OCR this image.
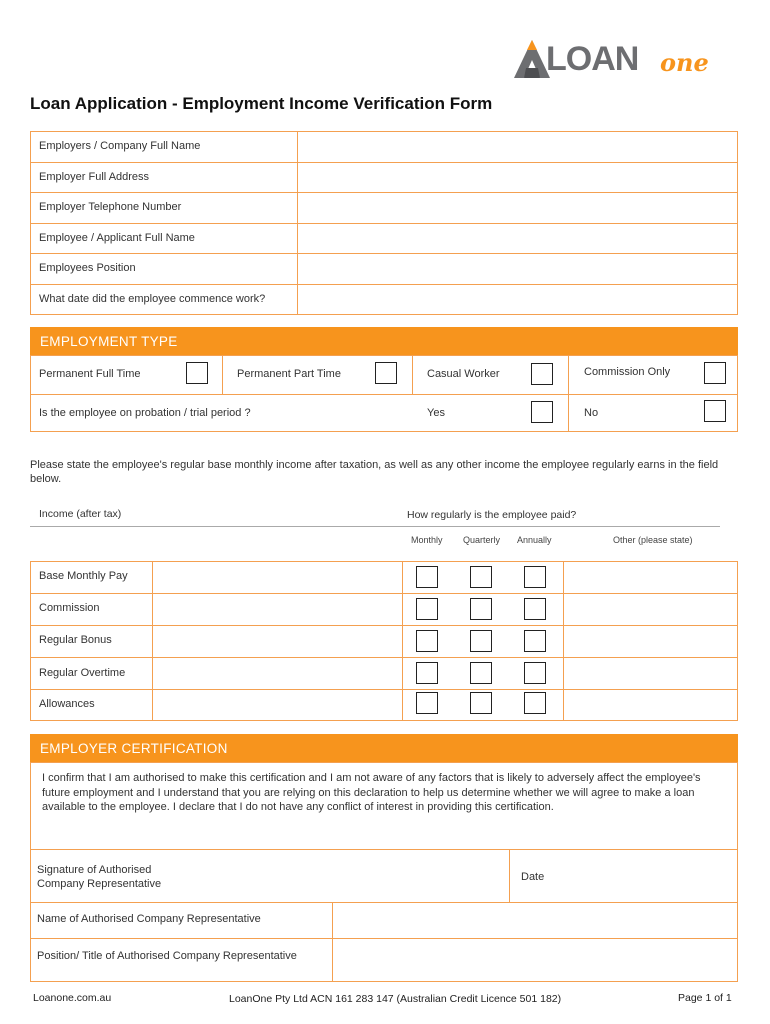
LOAN one
Loan Application - Employment Income Verification Form
Employers / Company Full Name
Employer Full Address
Employer Telephone Number
Employee / Applicant Full Name
Employees Position
What date did the employee commence work?
EMPLOYMENT TYPE
Permanent Full Time	Permanent Part Time	Casual Worker	Commission Only
Is the employee on probation / trial period ?	Yes	No
Please state the employee's regular base monthly income after taxation, as well as any other income the employee regularly earns in the field below.
Income (after tax)	How regularly is the employee paid?
Monthly Quarterly Annually	Other (please state)
Base Monthly Pay
Commission
Regular Bonus
Regular Overtime
Allowances
EMPLOYER CERTIFICATION
I confirm that I am authorised to make this certification and I am not aware of any factors that is likely to adversely affect the employee's future employment and I understand that you are relying on this declaration to help us determine whether we will agree to make a loan available to the employee. I declare that I do not have any conflict of interest in providing this certification.
Signature of Authorised
Company Representative
Date
Name of Authorised Company Representative
Position/ Title of Authorised Company Representative
Loanone.com.au	LoanOne Pty Ltd ACN 161 283 147 (Australian Credit Licence 501 182)	Page 1 of 1
